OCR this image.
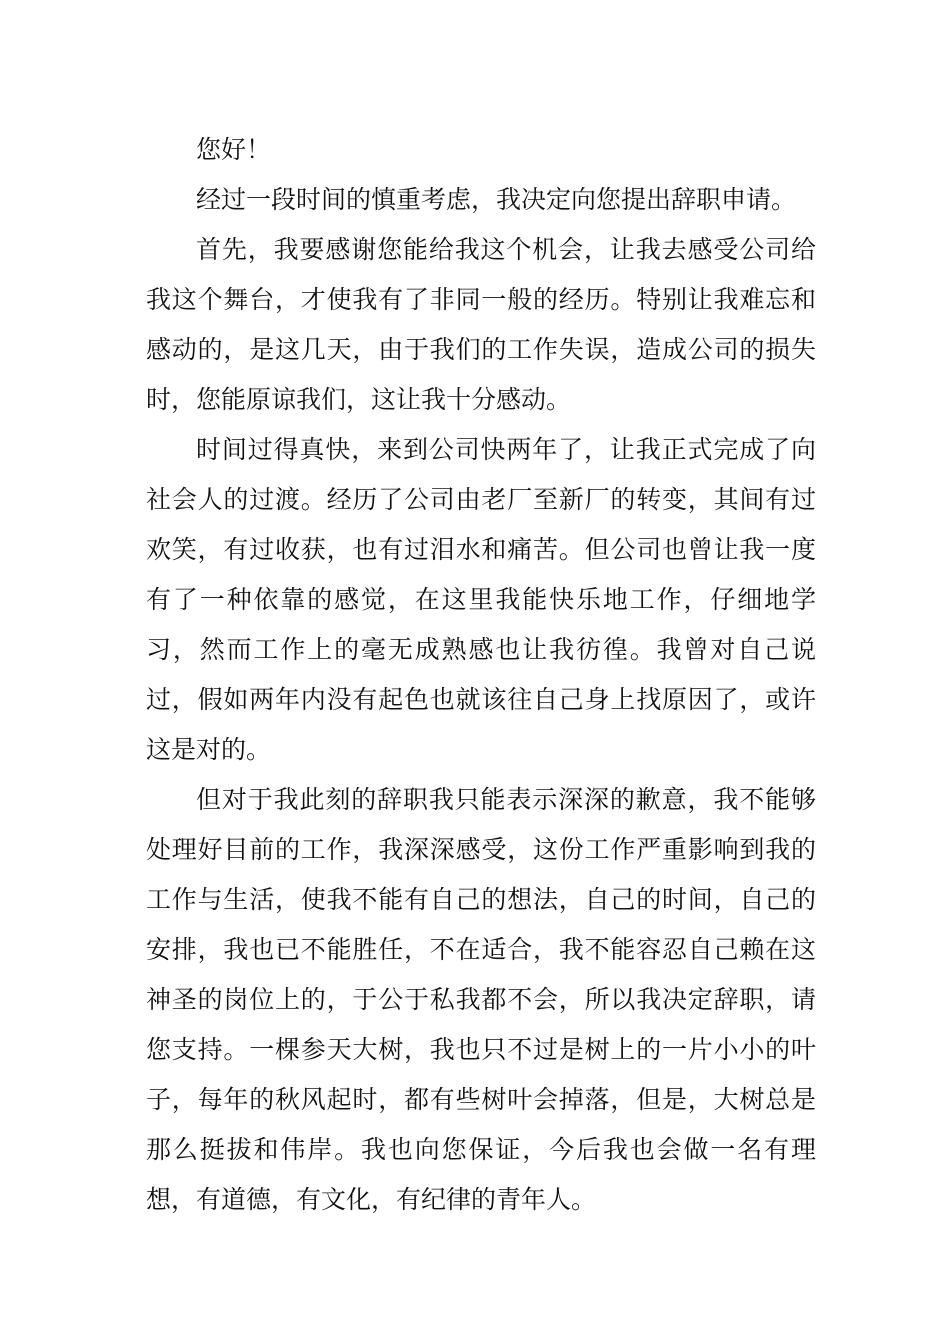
您好！

经过一段时间的慎重考虑，我决定向您提出辞职申请。

首先，我要感谢您能给我这个机会，让我去感受公司给我这个舞台，才使我有了非同一般的经历。特别让我难忘和感动的，是这几天，由于我们的工作失误，造成公司的损失时，您能原谅我们，这让我十分感动。

时间过得真快，来到公司快两年了，让我正式完成了向社会人的过渡。经历了公司由老厂至新厂的转变，其间有过欢笑，有过收获，也有过泪水和痛苦。但公司也曾让我一度有了一种依靠的感觉，在这里我能快乐地工作，仔细地学习，然而工作上的毫无成熟感也让我彷徨。我曾对自己说过，假如两年内没有起色也就该往自己身上找原因了，或许这是对的。

但对于我此刻的辞职我只能表示深深的歉意，我不能够处理好目前的工作，我深深感受，这份工作严重影响到我的工作与生活，使我不能有自己的想法，自己的时间，自己的安排，我也已不能胜任，不在适合，我不能容忍自己赖在这神圣的岗位上的，于公于私我都不会，所以我决定辞职，请您支持。一棵参天大树，我也只不过是树上的一片小小的叶子，每年的秋风起时，都有些树叶会掉落，但是，大树总是那么挺拔和伟岸。我也向您保证，今后我也会做一名有理想，有道德，有文化，有纪律的青年人。
